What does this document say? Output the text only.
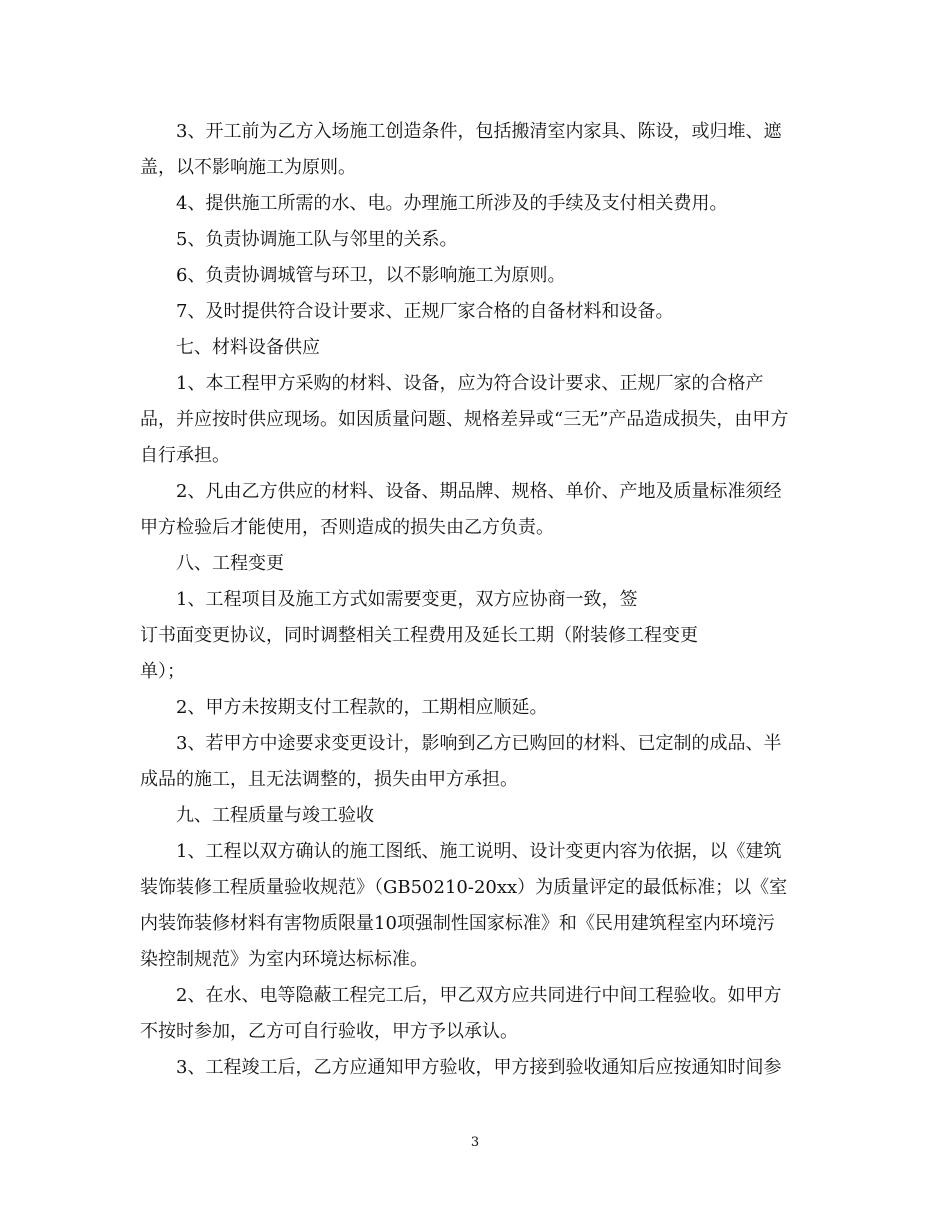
3、开工前为乙方入场施工创造条件，包括搬清室内家具、陈设，或归堆、遮
盖，以不影响施工为原则。
4、提供施工所需的水、电。办理施工所涉及的手续及支付相关费用。
5、负责协调施工队与邻里的关系。
6、负责协调城管与环卫，以不影响施工为原则。
7、及时提供符合设计要求、正规厂家合格的自备材料和设备。
七、材料设备供应
1、本工程甲方采购的材料、设备，应为符合设计要求、正规厂家的合格产
品，并应按时供应现场。如因质量问题、规格差异或“三无”产品造成损失，由甲方
自行承担。
2、凡由乙方供应的材料、设备、期品牌、规格、单价、产地及质量标准须经
甲方检验后才能使用，否则造成的损失由乙方负责。
八、工程变更
1、工程项目及施工方式如需要变更，双方应协商一致，签
订书面变更协议，同时调整相关工程费用及延长工期（附装修工程变更
单）；
2、甲方未按期支付工程款的，工期相应顺延。
3、若甲方中途要求变更设计，影响到乙方已购回的材料、已定制的成品、半
成品的施工，且无法调整的，损失由甲方承担。
九、工程质量与竣工验收
1、工程以双方确认的施工图纸、施工说明、设计变更内容为依据，以《建筑
装饰装修工程质量验收规范》（GB50210-20xx）为质量评定的最低标准；以《室
内装饰装修材料有害物质限量10项强制性国家标准》和《民用建筑程室内环境污
染控制规范》为室内环境达标标准。
2、在水、电等隐蔽工程完工后，甲乙双方应共同进行中间工程验收。如甲方
不按时参加，乙方可自行验收，甲方予以承认。
3、工程竣工后，乙方应通知甲方验收，甲方接到验收通知后应按通知时间参
3
